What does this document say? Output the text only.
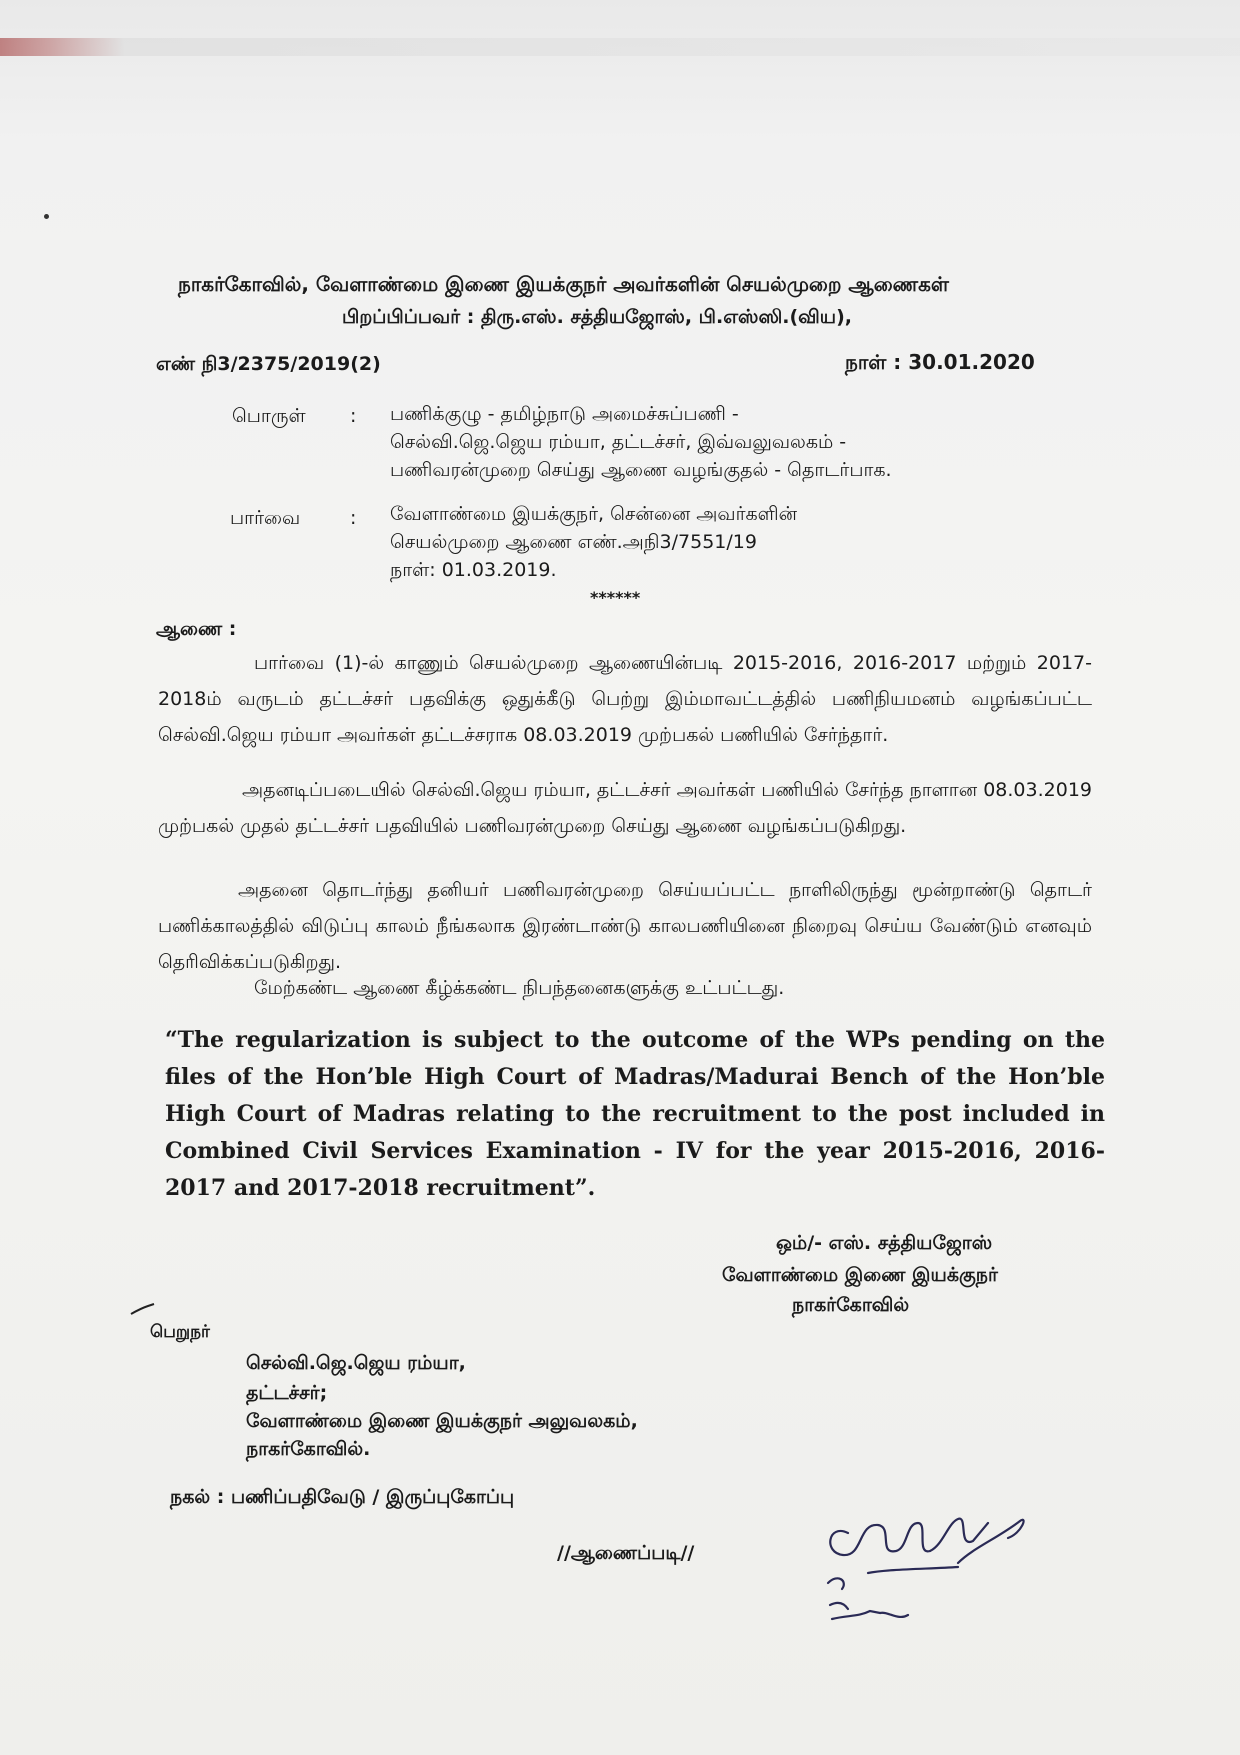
நாகர்கோவில், வேளாண்மை இணை இயக்குநர் அவர்களின் செயல்முறை ஆணைகள்
பிறப்பிப்பவர் : திரு.எஸ். சத்தியஜோஸ், பி.எஸ்ஸி.(விய),
எண் நி3/2375/2019(2)	நாள் : 30.01.2020
பொருள் : பணிக்குழு - தமிழ்நாடு அமைச்சுப்பணி -
செல்வி.ஜெ.ஜெய ரம்யா, தட்டச்சர், இவ்வலுவலகம் -
பணிவரன்முறை செய்து ஆணை வழங்குதல் - தொடர்பாக.
பார்வை	: வேளாண்மை இயக்குநர், சென்னை அவர்களின்
செயல்முறை ஆணை எண்.அநி3/7551/19
நாள்: 01.03.2019.
******
ஆணை :
பார்வை (1)-ல் காணும் செயல்முறை ஆணையின்படி 2015-2016, 2016-2017 மற்றும் 2017-2018ம் வருடம் தட்டச்சர் பதவிக்கு ஒதுக்கீடு பெற்று இம்மாவட்டத்தில் பணிநியமனம் வழங்கப்பட்ட செல்வி.ஜெய ரம்யா அவர்கள் தட்டச்சராக 08.03.2019 முற்பகல் பணியில் சேர்ந்தார்.
அதனடிப்படையில் செல்வி.ஜெய ரம்யா, தட்டச்சர் அவர்கள் பணியில் சேர்ந்த நாளான 08.03.2019 முற்பகல் முதல் தட்டச்சர் பதவியில் பணிவரன்முறை செய்து ஆணை வழங்கப்படுகிறது.
அதனை தொடர்ந்து தனியர் பணிவரன்முறை செய்யப்பட்ட நாளிலிருந்து மூன்றாண்டு தொடர் பணிக்காலத்தில் விடுப்பு காலம் நீங்கலாக இரண்டாண்டு காலபணியினை நிறைவு செய்ய வேண்டும் எனவும் தெரிவிக்கப்படுகிறது.
மேற்கண்ட ஆணை கீழ்க்கண்ட நிபந்தனைகளுக்கு உட்பட்டது.
“The regularization is subject to the outcome of the WPs pending on the files of the Hon’ble High Court of Madras/Madurai Bench of the Hon’ble High Court of Madras relating to the recruitment to the post included in Combined Civil Services Examination - IV for the year 2015-2016, 2016-2017 and 2017-2018 recruitment”.
ஒம்/- எஸ். சத்தியஜோஸ்
வேளாண்மை இணை இயக்குநர்
நாகர்கோவில்
பெறுநர்
செல்வி.ஜெ.ஜெய ரம்யா,
தட்டச்சர்;
வேளாண்மை இணை இயக்குநர் அலுவலகம்,
நாகர்கோவில்.
நகல் : பணிப்பதிவேடு / இருப்புகோப்பு
//ஆணைப்படி//
